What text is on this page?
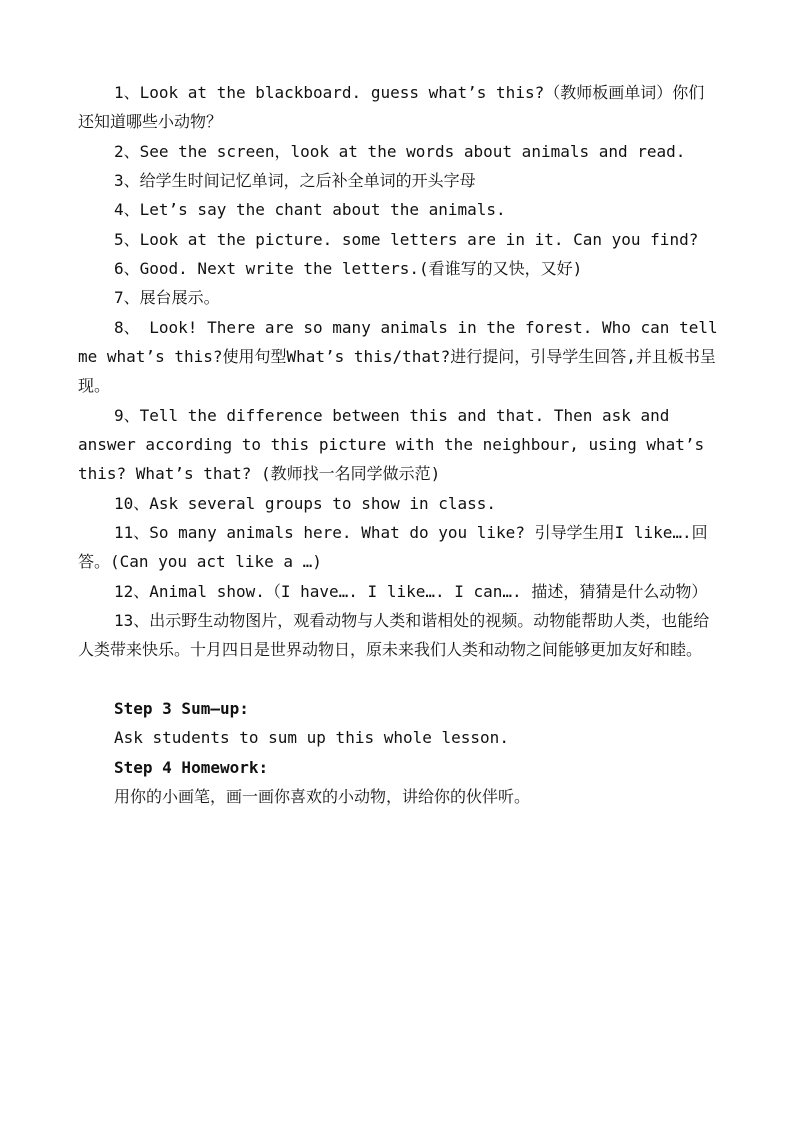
1、Look at the blackboard. guess what’s this?（教师板画单词）你们还知道哪些小动物？

2、See the screen，look at the words about animals and read.

3、给学生时间记忆单词，之后补全单词的开头字母

4、Let’s say the chant about the animals.

5、Look at the picture. some letters are in it. Can you find?

6、Good. Next write the letters.(看谁写的又快，又好)

7、展台展示。

8、 Look! There are so many animals in the forest. Who can tell me what’s this?使用句型What’s this/that?进行提问，引导学生回答,并且板书呈现。

9、Tell the difference between this and that. Then ask and answer according to this picture with the neighbour, using what’s this? What’s that? (教师找一名同学做示范)

10、Ask several groups to show in class.

11、So many animals here. What do you like? 引导学生用I like….回答。(Can you act like a …)

12、Animal show.（I have…. I like…. I can…. 描述，猜猜是什么动物）

13、出示野生动物图片，观看动物与人类和谐相处的视频。动物能帮助人类，也能给人类带来快乐。十月四日是世界动物日，原未来我们人类和动物之间能够更加友好和睦。

Step 3 Sum—up:

Ask students to sum up this whole lesson.

Step 4 Homework:

用你的小画笔，画一画你喜欢的小动物，讲给你的伙伴听。
